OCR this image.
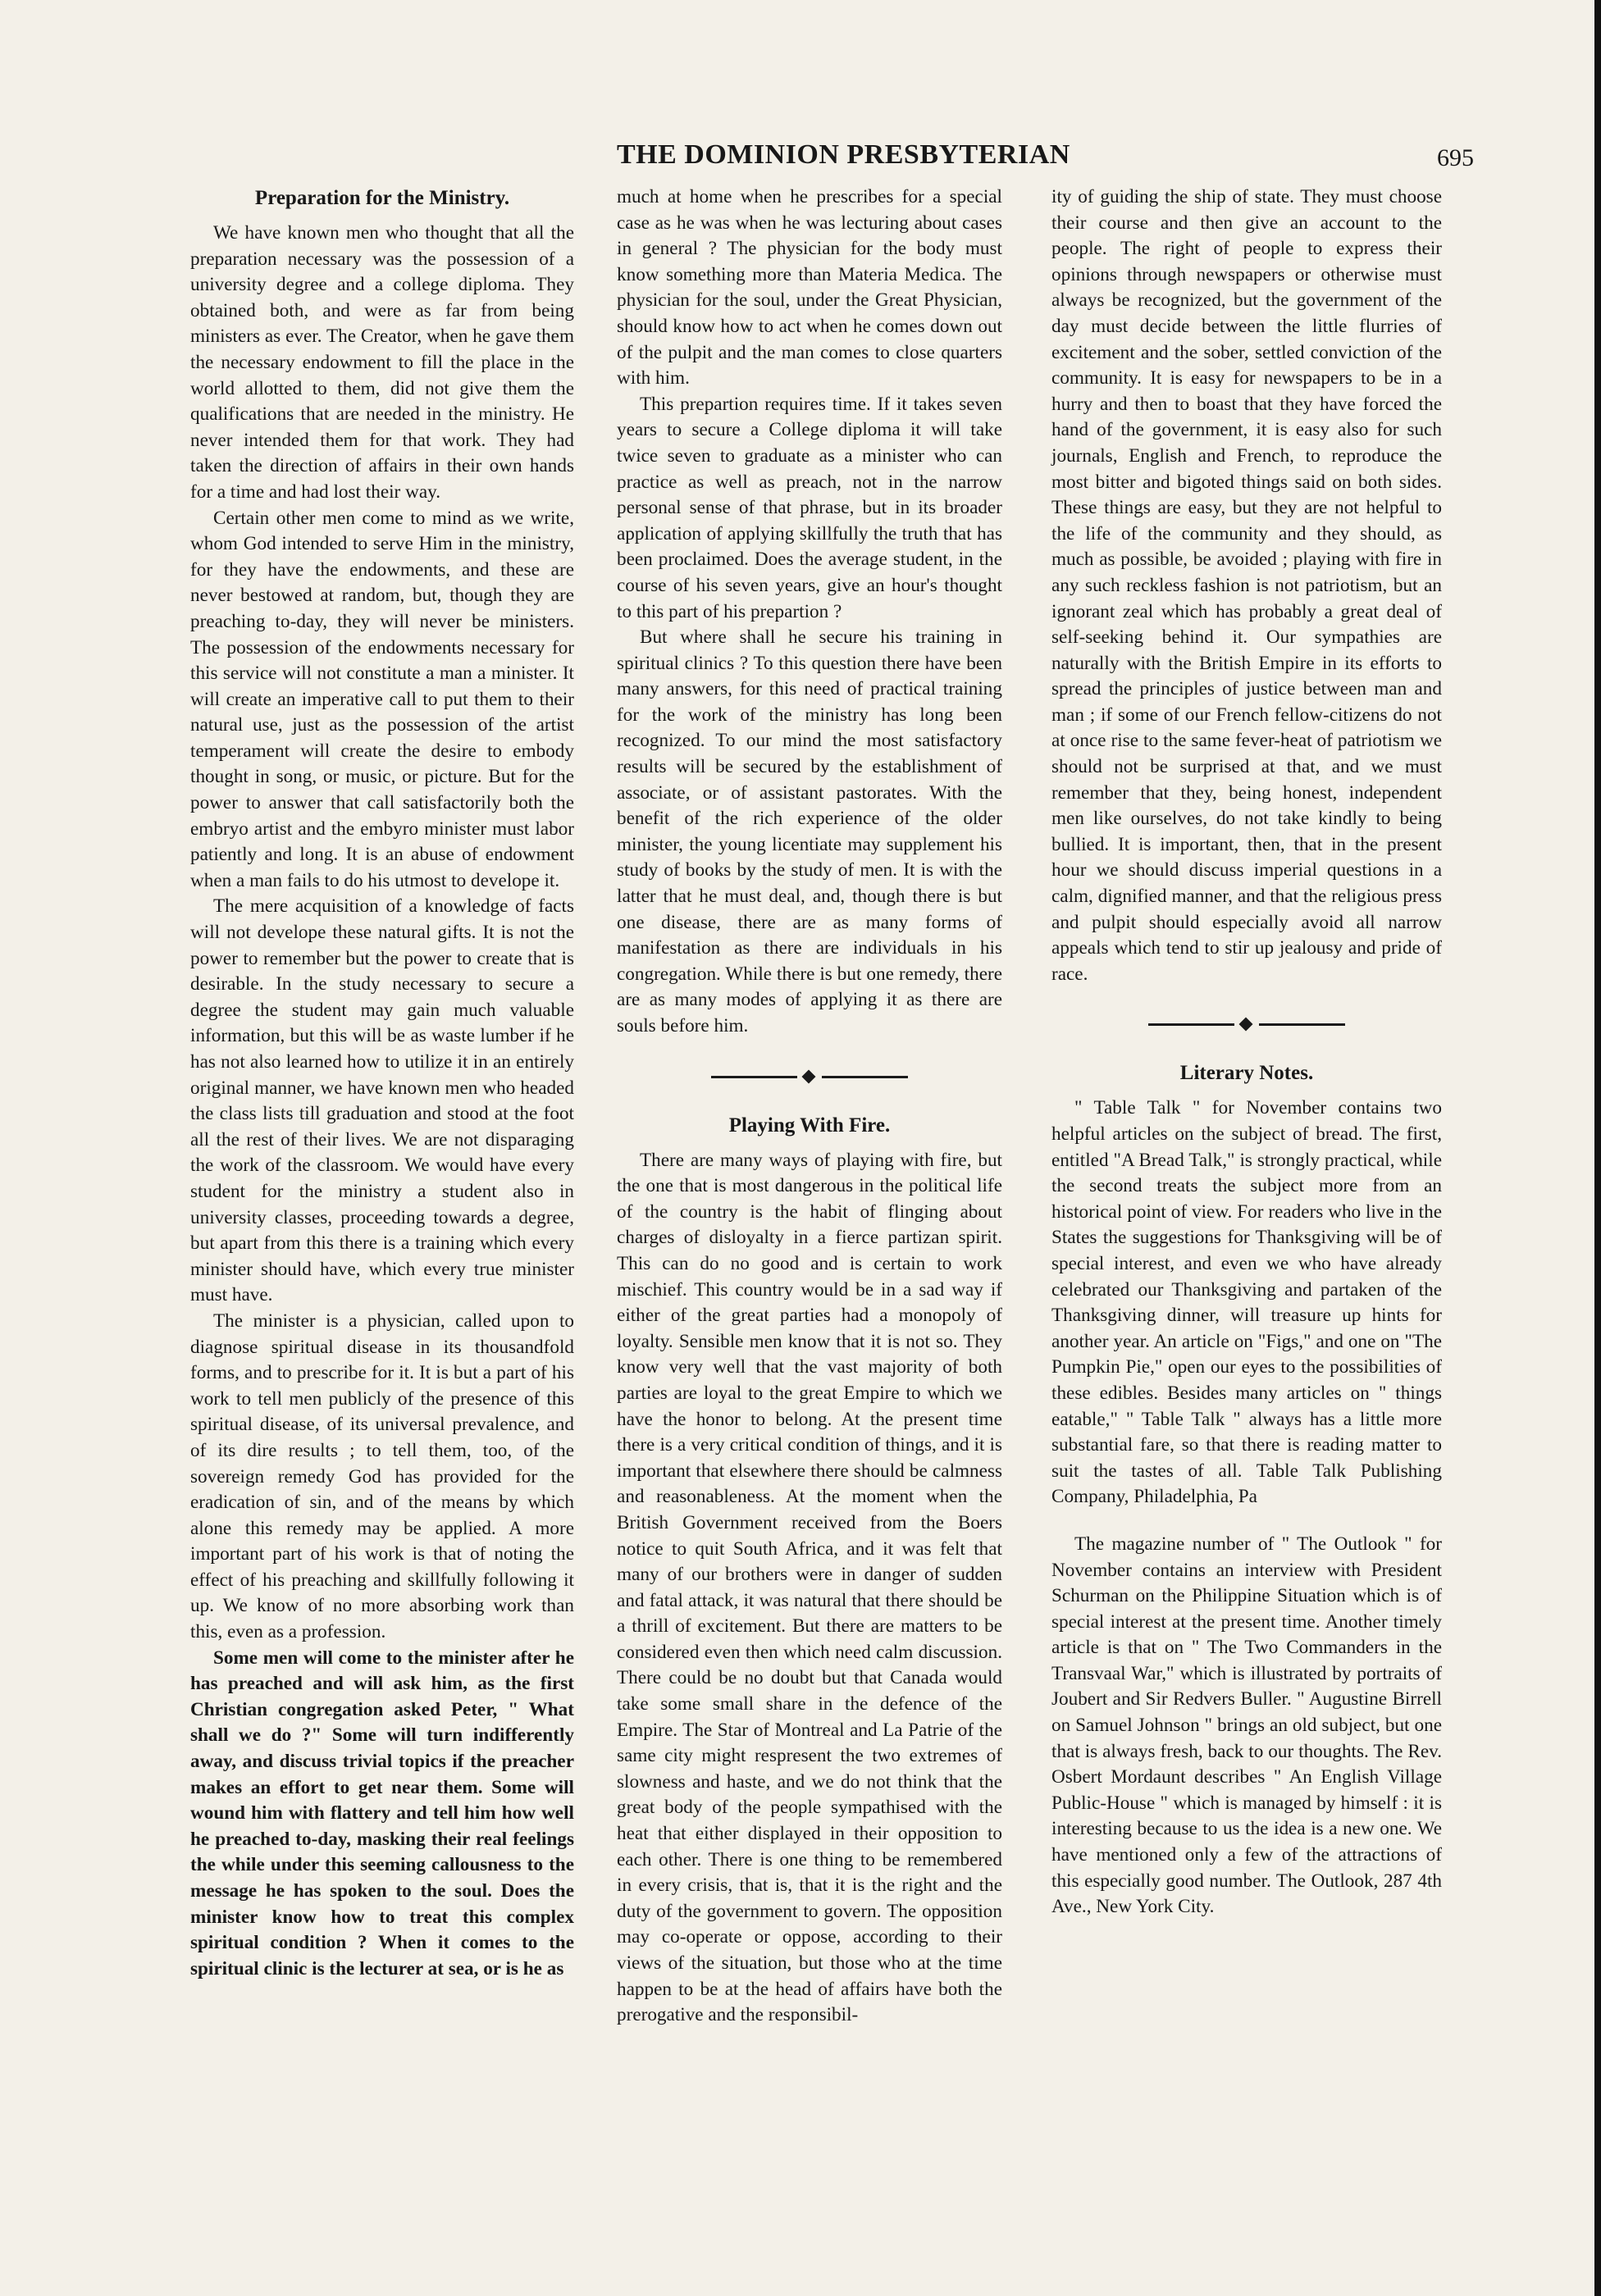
THE DOMINION PRESBYTERIAN	695
Preparation for the Ministry.

We have known men who thought that all the preparation necessary was the possession of a university degree and a college diploma. They obtained both, and were as far from being ministers as ever. The Creator, when he gave them the necessary endowment to fill the place in the world allotted to them, did not give them the qualifications that are needed in the ministry. He never intended them for that work. They had taken the direction of affairs in their own hands for a time and had lost their way.

Certain other men come to mind as we write, whom God intended to serve Him in the ministry, for they have the endowments, and these are never bestowed at random, but, though they are preaching to-day, they will never be ministers. The possession of the endowments necessary for this service will not constitute a man a minister. It will create an imperative call to put them to their natural use, just as the possession of the artist temperament will create the desire to embody thought in song, or music, or picture. But for the power to answer that call satisfactorily both the embryo artist and the embyro minister must labor patiently and long. It is an abuse of endowment when a man fails to do his utmost to develope it.

The mere acquisition of a knowledge of facts will not develope these natural gifts. It is not the power to remember but the power to create that is desirable. In the study necessary to secure a degree the student may gain much valuable information, but this will be as waste lumber if he has not also learned how to utilize it in an entirely original manner, we have known men who headed the class lists till graduation and stood at the foot all the rest of their lives. We are not disparaging the work of the classroom. We would have every student for the ministry a student also in university classes, proceeding towards a degree, but apart from this there is a training which every minister should have, which every true minister must have.

The minister is a physician, called upon to diagnose spiritual disease in its thousandfold forms, and to prescribe for it. It is but a part of his work to tell men publicly of the presence of this spiritual disease, of its universal prevalence, and of its dire results ; to tell them, too, of the sovereign remedy God has provided for the eradication of sin, and of the means by which alone this remedy may be applied. A more important part of his work is that of noting the effect of his preaching and skillfully following it up. We know of no more absorbing work than this, even as a profession.

Some men will come to the minister after he has preached and will ask him, as the first Christian congregation asked Peter, " What shall we do ?" Some will turn indifferently away, and discuss trivial topics if the preacher makes an effort to get near them. Some will wound him with flattery and tell him how well he preached to-day, masking their real feelings the while under this seeming callousness to the message he has spoken to the soul. Does the minister know how to treat this complex spiritual condition ? When it comes to the spiritual clinic is the lecturer at sea, or is he as

much at home when he prescribes for a special case as he was when he was lecturing about cases in general ? The physician for the body must know something more than Materia Medica. The physician for the soul, under the Great Physician, should know how to act when he comes down out of the pulpit and the man comes to close quarters with him.

This prepartion requires time. If it takes seven years to secure a College diploma it will take twice seven to graduate as a minister who can practice as well as preach, not in the narrow personal sense of that phrase, but in its broader application of applying skillfully the truth that has been proclaimed. Does the average student, in the course of his seven years, give an hour's thought to this part of his prepartion ?

But where shall he secure his training in spiritual clinics ? To this question there have been many answers, for this need of practical training for the work of the ministry has long been recognized. To our mind the most satisfactory results will be secured by the establishment of associate, or of assistant pastorates. With the benefit of the rich experience of the older minister, the young licentiate may supplement his study of books by the study of men. It is with the latter that he must deal, and, though there is but one disease, there are as many forms of manifestation as there are individuals in his congregation. While there is but one remedy, there are as many modes of applying it as there are souls before him.

Playing With Fire.

There are many ways of playing with fire, but the one that is most dangerous in the political life of the country is the habit of flinging about charges of disloyalty in a fierce partizan spirit. This can do no good and is certain to work mischief. This country would be in a sad way if either of the great parties had a monopoly of loyalty. Sensible men know that it is not so. They know very well that the vast majority of both parties are loyal to the great Empire to which we have the honor to belong. At the present time there is a very critical condition of things, and it is important that elsewhere there should be calmness and reasonableness. At the moment when the British Government received from the Boers notice to quit South Africa, and it was felt that many of our brothers were in danger of sudden and fatal attack, it was natural that there should be a thrill of excitement. But there are matters to be considered even then which need calm discussion. There could be no doubt but that Canada would take some small share in the defence of the Empire. The Star of Montreal and La Patrie of the same city might respresent the two extremes of slowness and haste, and we do not think that the great body of the people sympathised with the heat that either displayed in their opposition to each other. There is one thing to be remembered in every crisis, that is, that it is the right and the duty of the government to govern. The opposition may co-operate or oppose, according to their views of the situation, but those who at the time happen to be at the head of affairs have both the prerogative and the responsibil-

ity of guiding the ship of state. They must choose their course and then give an account to the people. The right of people to express their opinions through newspapers or otherwise must always be recognized, but the government of the day must decide between the little flurries of excitement and the sober, settled conviction of the community. It is easy for newspapers to be in a hurry and then to boast that they have forced the hand of the government, it is easy also for such journals, English and French, to reproduce the most bitter and bigoted things said on both sides. These things are easy, but they are not helpful to the life of the community and they should, as much as possible, be avoided ; playing with fire in any such reckless fashion is not patriotism, but an ignorant zeal which has probably a great deal of self-seeking behind it. Our sympathies are naturally with the British Empire in its efforts to spread the principles of justice between man and man ; if some of our French fellow-citizens do not at once rise to the same fever-heat of patriotism we should not be surprised at that, and we must remember that they, being honest, independent men like ourselves, do not take kindly to being bullied. It is important, then, that in the present hour we should discuss imperial questions in a calm, dignified manner, and that the religious press and pulpit should especially avoid all narrow appeals which tend to stir up jealousy and pride of race.

Literary Notes.

" Table Talk " for November contains two helpful articles on the subject of bread. The first, entitled "A Bread Talk," is strongly practical, while the second treats the subject more from an historical point of view. For readers who live in the States the suggestions for Thanksgiving will be of special interest, and even we who have already celebrated our Thanksgiving and partaken of the Thanksgiving dinner, will treasure up hints for another year. An article on "Figs," and one on "The Pumpkin Pie," open our eyes to the possibilities of these edibles. Besides many articles on " things eatable," " Table Talk " always has a little more substantial fare, so that there is reading matter to suit the tastes of all. Table Talk Publishing Company, Philadelphia, Pa

The magazine number of " The Outlook " for November contains an interview with President Schurman on the Philippine Situation which is of special interest at the present time. Another timely article is that on " The Two Commanders in the Transvaal War," which is illustrated by portraits of Joubert and Sir Redvers Buller. " Augustine Birrell on Samuel Johnson " brings an old subject, but one that is always fresh, back to our thoughts. The Rev. Osbert Mordaunt describes " An English Village Public-House " which is managed by himself : it is interesting because to us the idea is a new one. We have mentioned only a few of the attractions of this especially good number. The Outlook, 287 4th Ave., New York City.
